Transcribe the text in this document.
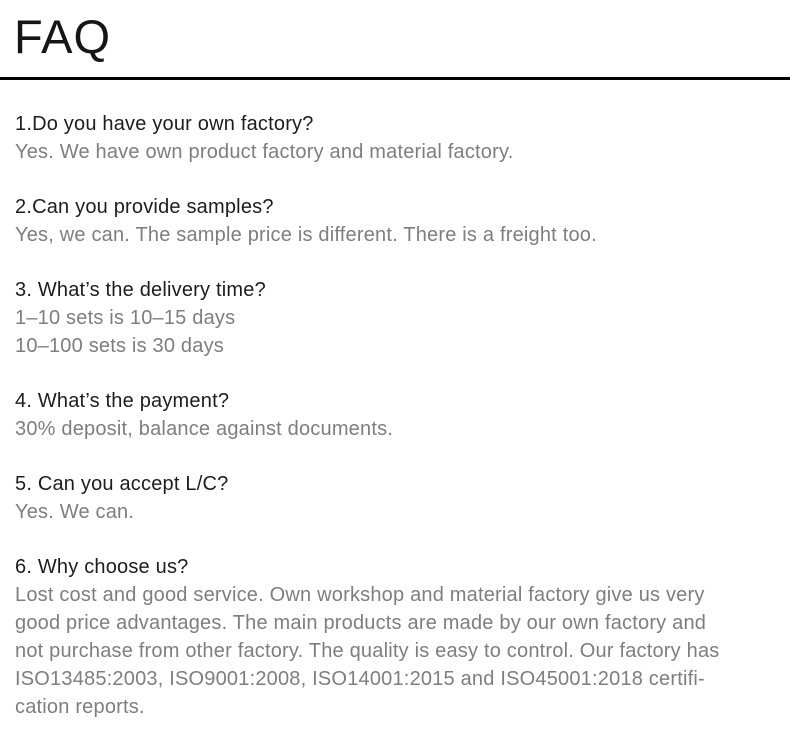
FAQ
1.Do you have your own factory?
Yes. We have own product factory and material factory.
2.Can you provide samples?
Yes, we can. The sample price is different. There is a freight too.
3. What’s the delivery time?
1–10 sets is 10–15 days
10–100 sets is 30 days
4. What’s the payment?
30% deposit, balance against documents.
5. Can you accept L/C?
Yes. We can.
6. Why choose us?
Lost cost and good service. Own workshop and material factory give us very
good price advantages. The main products are made by our own factory and
not purchase from other factory. The quality is easy to control. Our factory has
ISO13485:2003, ISO9001:2008, ISO14001:2015 and ISO45001:2018 certifi-
cation reports.
